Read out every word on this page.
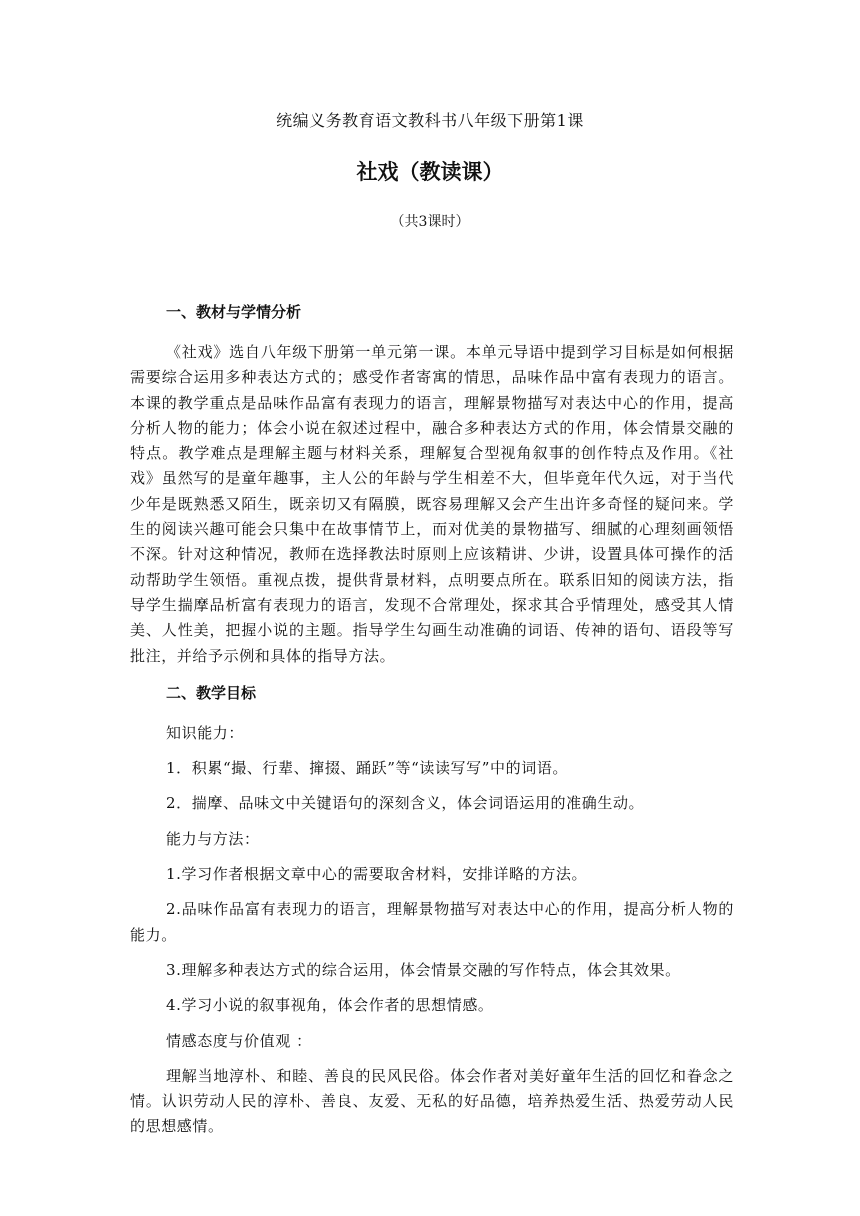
统编义务教育语文教科书八年级下册第1课
社戏（教读课）
（共3课时）
一、教材与学情分析

《社戏》选自八年级下册第一单元第一课。本单元导语中提到学习目标是如何根据需要综合运用多种表达方式的；感受作者寄寓的情思，品味作品中富有表现力的语言。本课的教学重点是品味作品富有表现力的语言，理解景物描写对表达中心的作用，提高分析人物的能力；体会小说在叙述过程中，融合多种表达方式的作用，体会情景交融的特点。教学难点是理解主题与材料关系，理解复合型视角叙事的创作特点及作用。《社戏》虽然写的是童年趣事，主人公的年龄与学生相差不大，但毕竟年代久远，对于当代少年是既熟悉又陌生，既亲切又有隔膜，既容易理解又会产生出许多奇怪的疑问来。学生的阅读兴趣可能会只集中在故事情节上，而对优美的景物描写、细腻的心理刻画领悟不深。针对这种情况，教师在选择教法时原则上应该精讲、少讲，设置具体可操作的活动帮助学生领悟。重视点拨，提供背景材料，点明要点所在。联系旧知的阅读方法，指导学生揣摩品析富有表现力的语言，发现不合常理处，探求其合乎情理处，感受其人情美、人性美，把握小说的主题。指导学生勾画生动准确的词语、传神的语句、语段等写批注，并给予示例和具体的指导方法。

二、教学目标

知识能力：

1．积累“撮、行辈、撺掇、踊跃”等“读读写写”中的词语。

2．揣摩、品味文中关键语句的深刻含义，体会词语运用的准确生动。

能力与方法：

1.学习作者根据文章中心的需要取舍材料，安排详略的方法。

2.品味作品富有表现力的语言，理解景物描写对表达中心的作用，提高分析人物的能力。

3.理解多种表达方式的综合运用，体会情景交融的写作特点，体会其效果。

4.学习小说的叙事视角，体会作者的思想情感。

情感态度与价值观 ：

理解当地淳朴、和睦、善良的民风民俗。体会作者对美好童年生活的回忆和眷念之情。认识劳动人民的淳朴、善良、友爱、无私的好品德，培养热爱生活、热爱劳动人民的思想感情。
